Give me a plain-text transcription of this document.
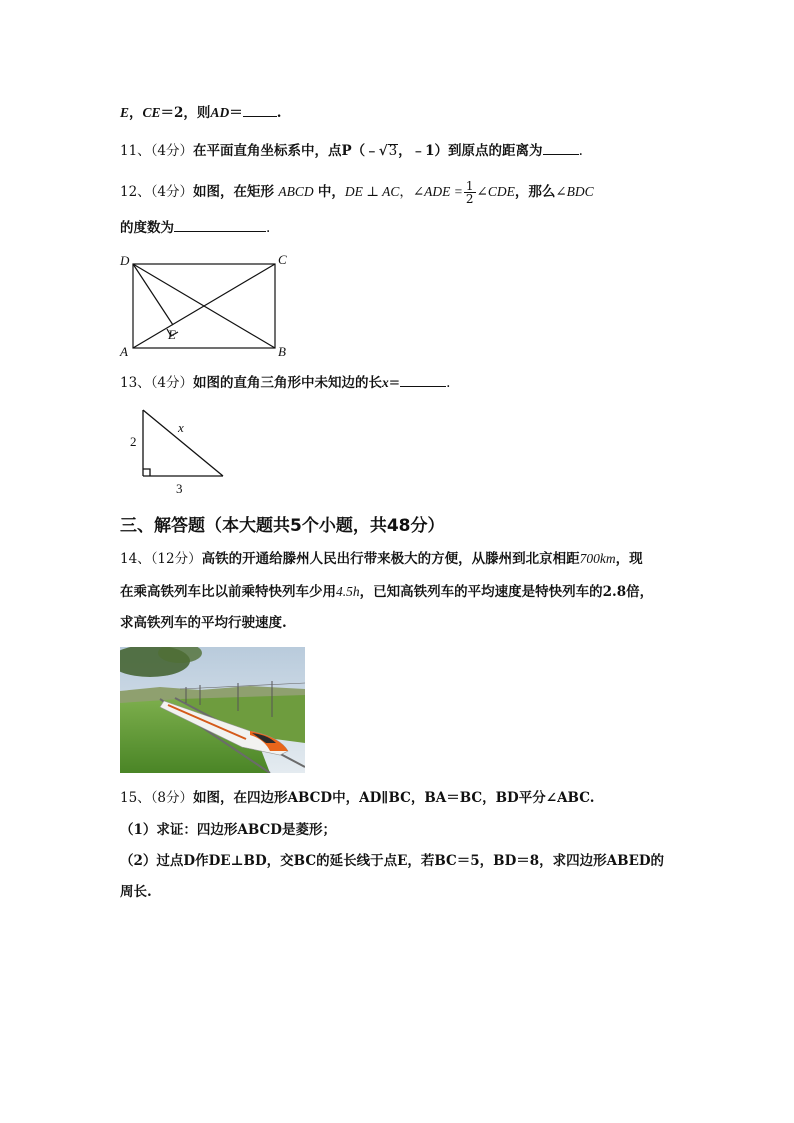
E，CE＝2，则AD＝	.
11、（4分）在平面直角坐标系中，点P（﹣√3，﹣1）到原点的距离为	.
12、（4分）如图，在矩形 ABCD 中，DE ⊥ AC，∠ADE = $\frac{1}{2}$ ∠CDE，那么∠BDC
的度数为	.
D	C
A	B
E
13、（4分）如图的直角三角形中未知边的长x=	.
2
3
x
三、解答题（本大题共5个小题，共48分）
14、（12分）高铁的开通给滕州人民出行带来极大的方便，从滕州到北京相距700km，现
在乘高铁列车比以前乘特快列车少用4.5h，已知高铁列车的平均速度是特快列车的2.8倍，
求高铁列车的平均行驶速度.
15、（8分）如图，在四边形ABCD中，AD∥BC，BA＝BC，BD平分∠ABC.
（1）求证：四边形ABCD是菱形；
（2）过点D作DE⊥BD，交BC的延长线于点E，若BC＝5，BD＝8，求四边形ABED的
周长.
